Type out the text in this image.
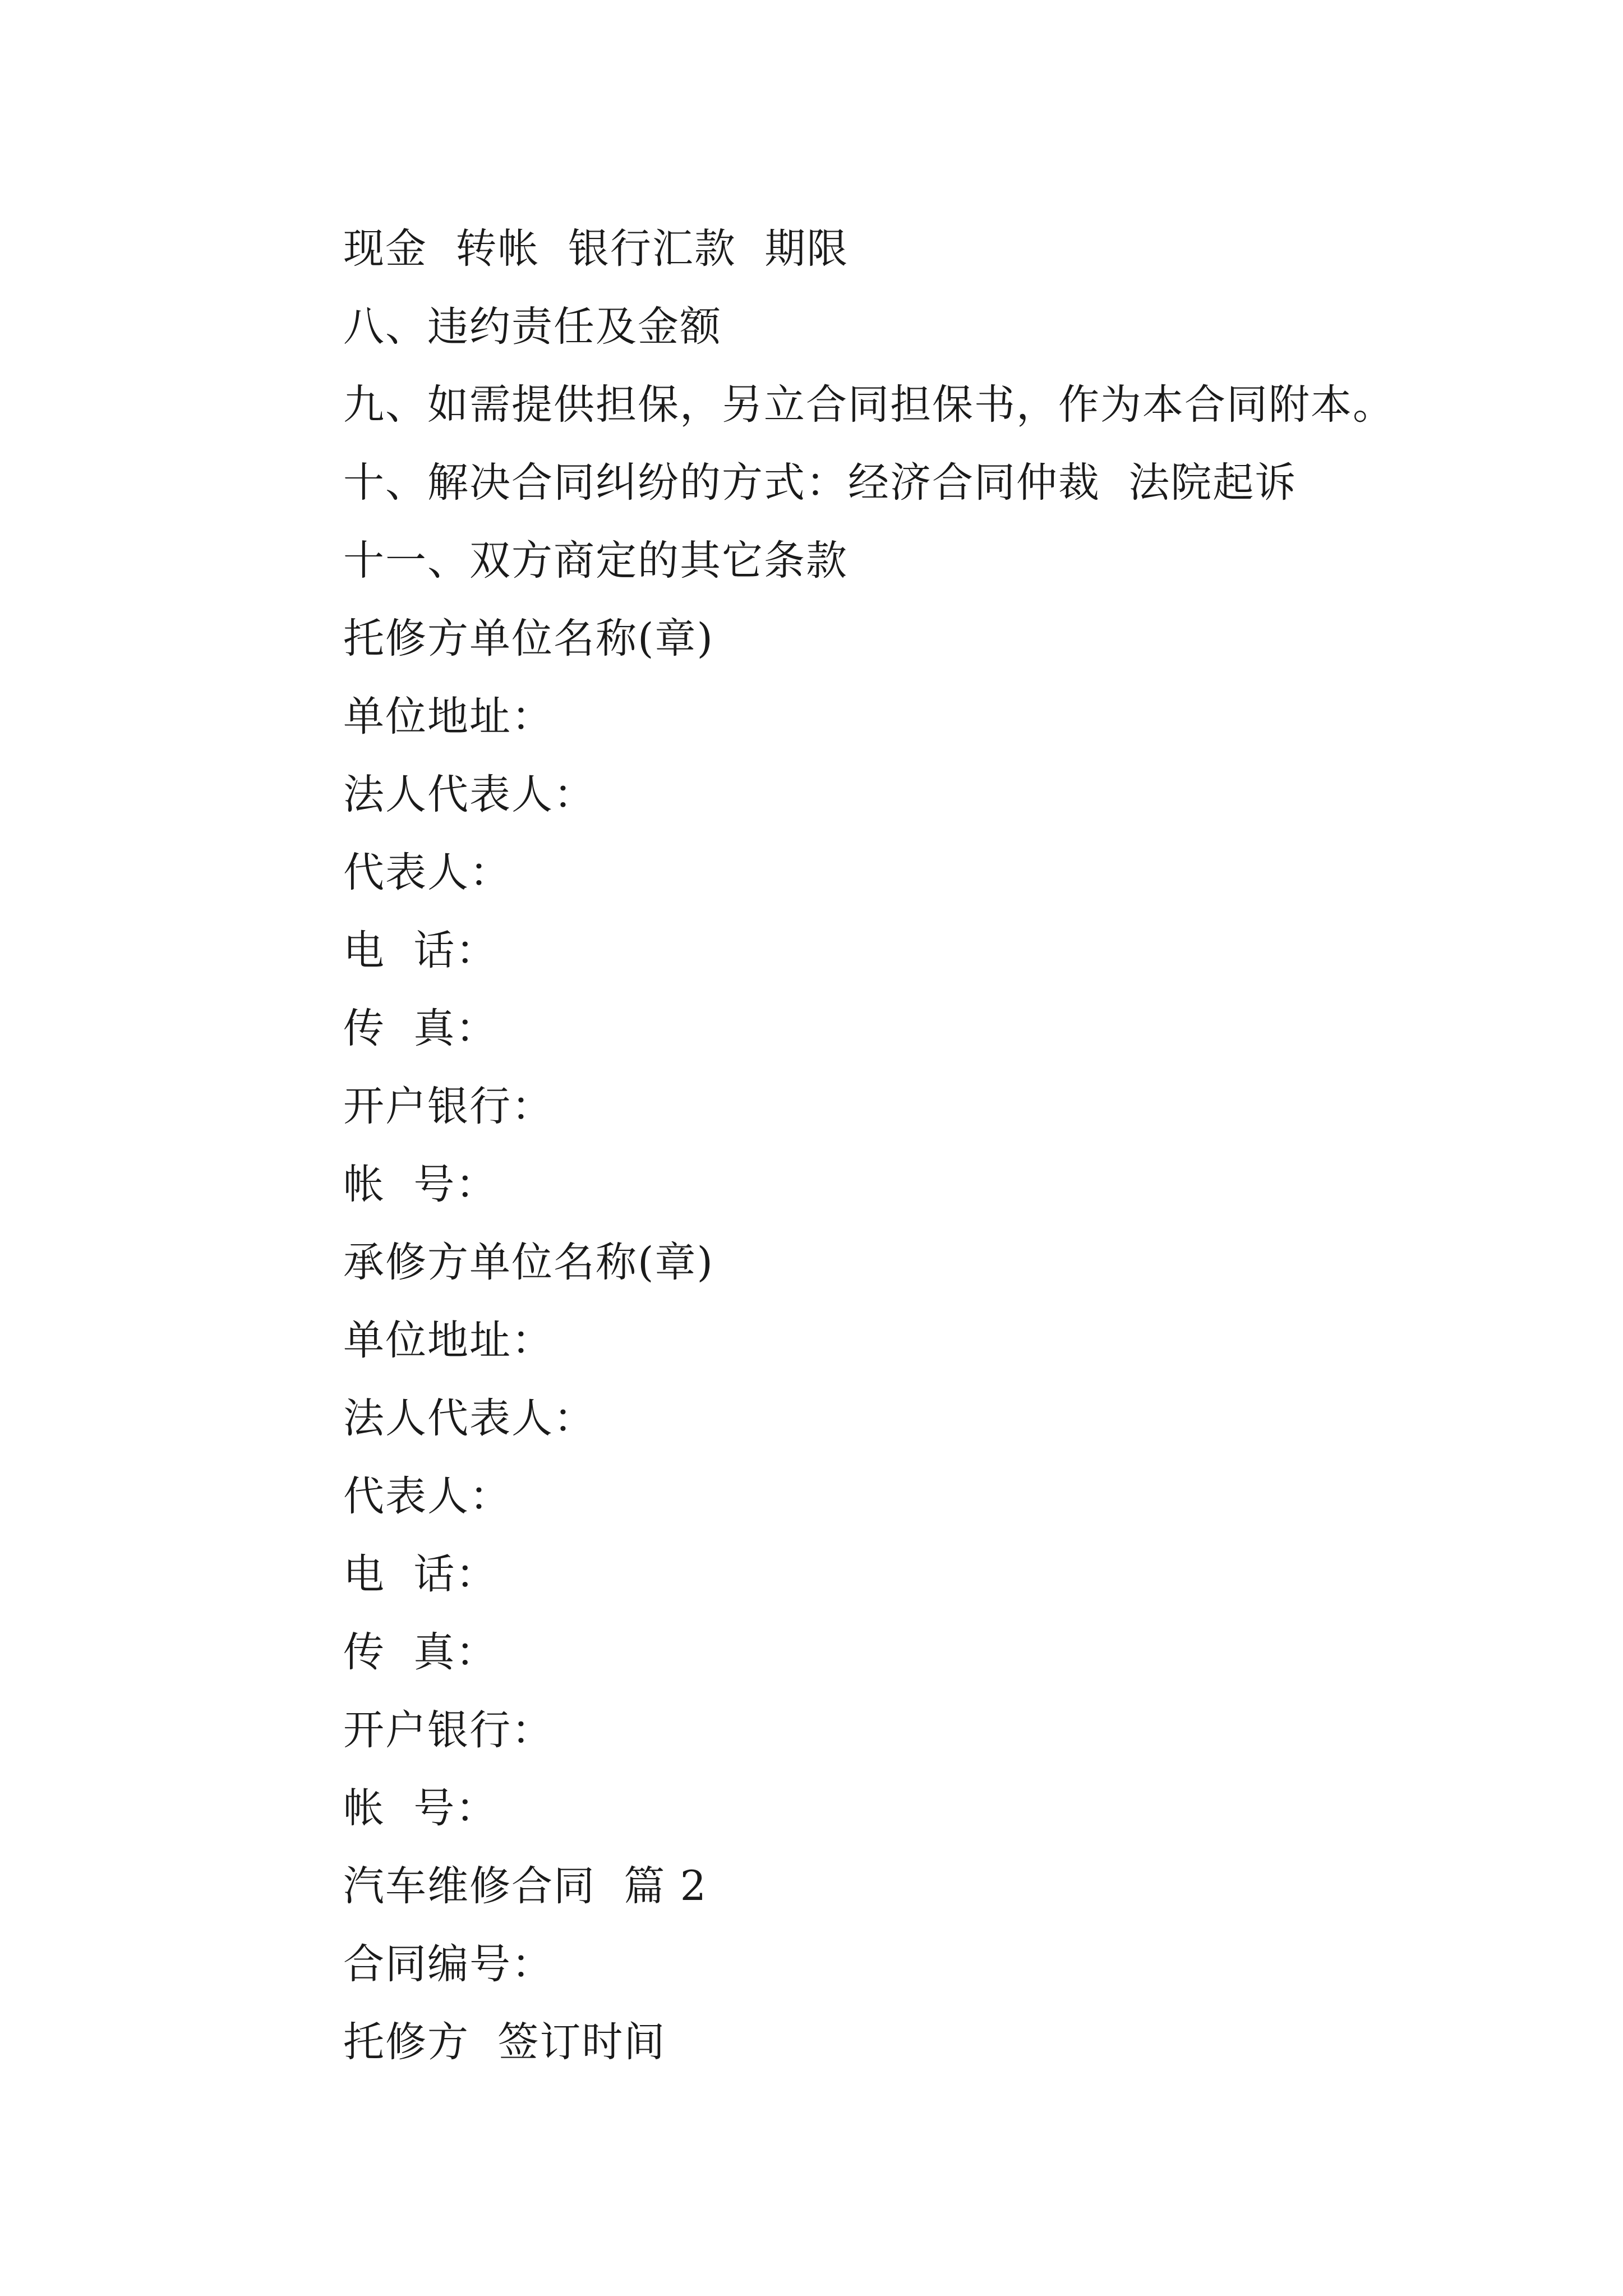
现金  转帐  银行汇款  期限
八、违约责任及金额
九、如需提供担保，另立合同担保书，作为本合同附本。
十、解决合同纠纷的方式：经济合同仲裁  法院起诉
十一、双方商定的其它条款
托修方单位名称(章)
单位地址：
法人代表人：
代表人：
电  话：
传  真：
开户银行：
帐  号：
承修方单位名称(章)
单位地址：
法人代表人：
代表人：
电  话：
传  真：
开户银行：
帐  号：
汽车维修合同  篇 2
合同编号：
托修方  签订时间
